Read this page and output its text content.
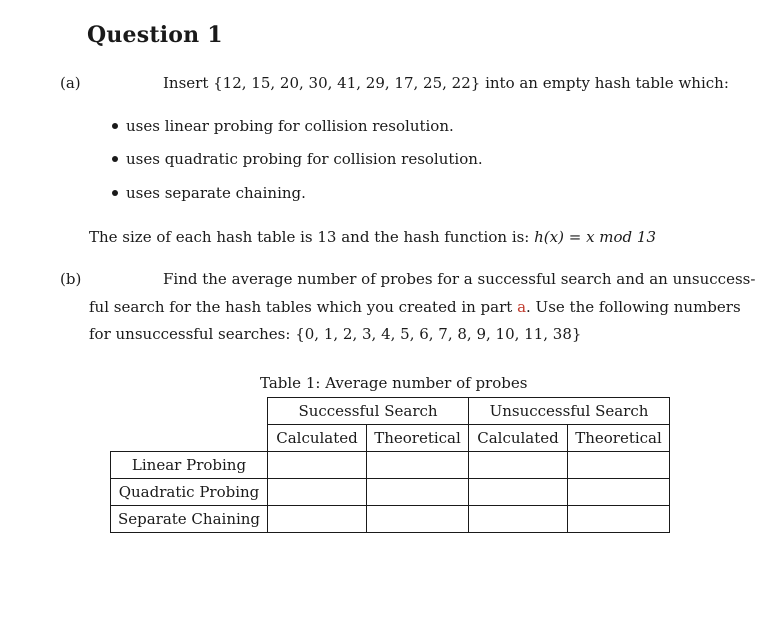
Question 1
(a)	Insert {12, 15, 20, 30, 41, 29, 17, 25, 22} into an empty hash table which:
uses linear probing for collision resolution.
uses quadratic probing for collision resolution.
uses separate chaining.
The size of each hash table is 13 and the hash function is: h(x) = x mod 13
(b)	Find the average number of probes for a successful search and an unsuccess-
ful search for the hash tables which you created in part a. Use the following numbers
for unsuccessful searches: {0, 1, 2, 3, 4, 5, 6, 7, 8, 9, 10, 11, 38}
Table 1: Average number of probes
	Successful Search		Unsuccessful Search	
	Calculated	Theoretical	Calculated	Theoretical
Linear Probing				
Quadratic Probing				
Separate Chaining				
